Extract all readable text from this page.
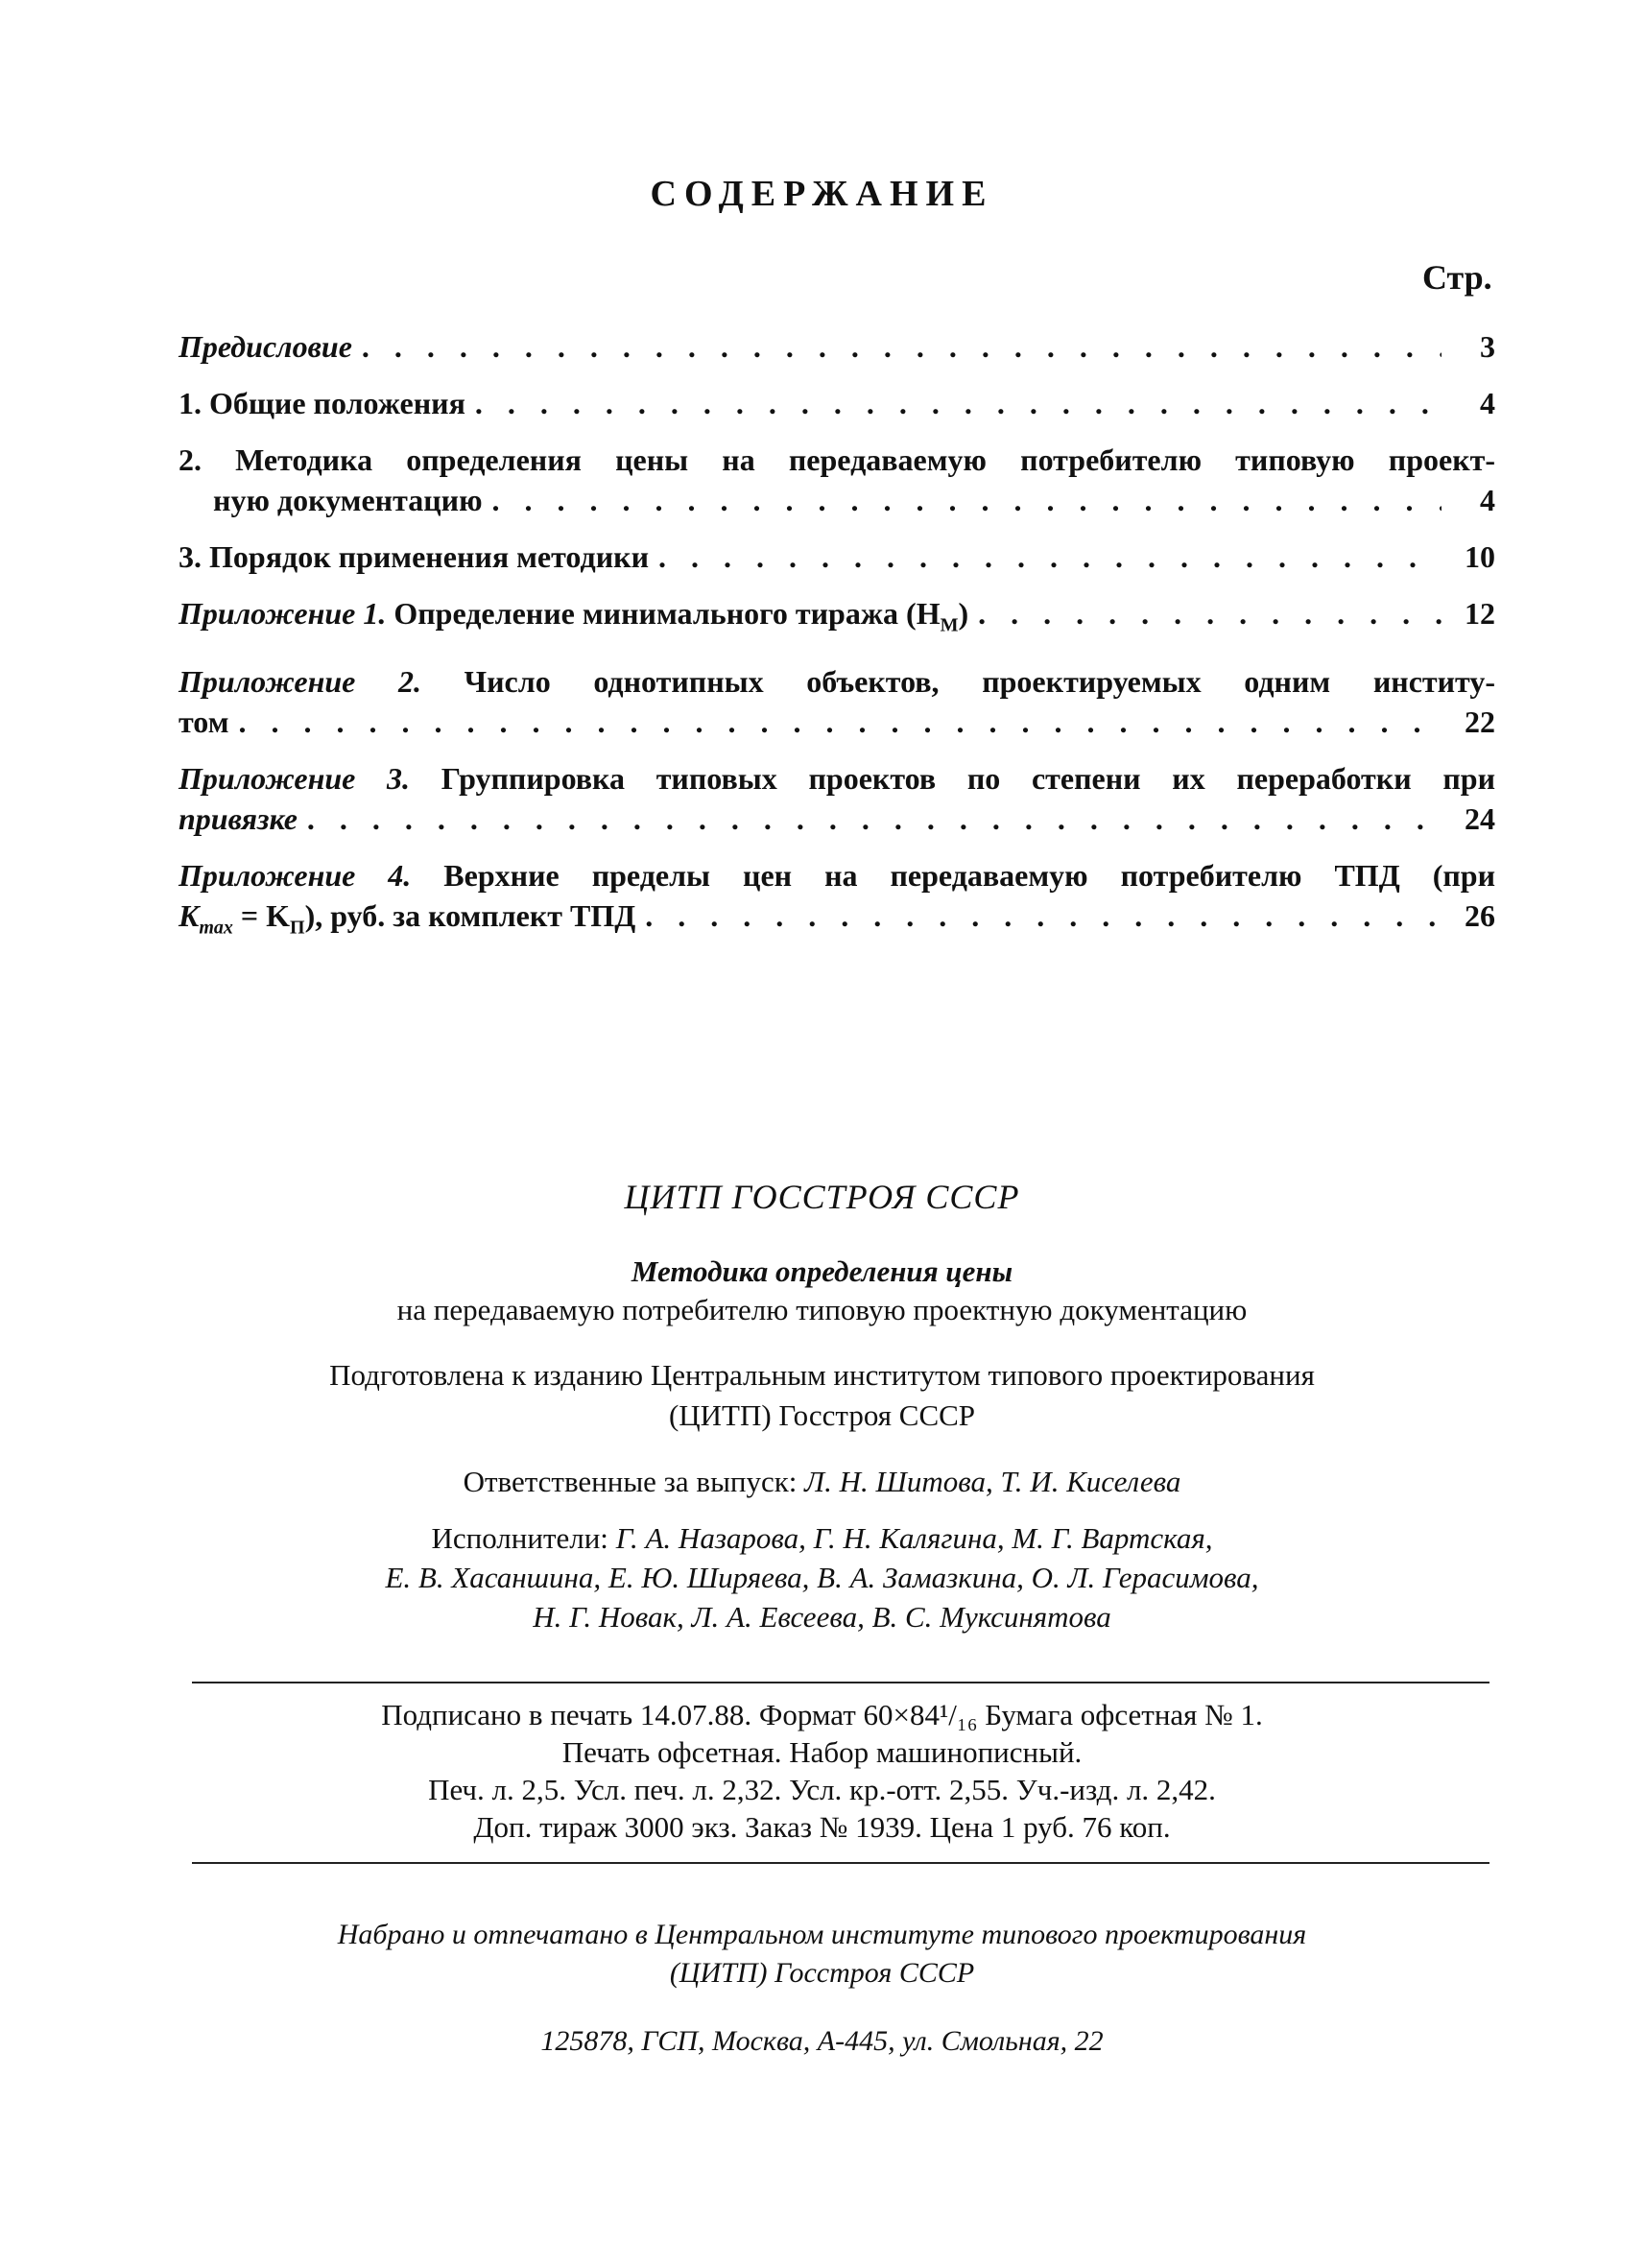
СОДЕРЖАНИЕ
Стр.
Предисловие . . .	3
1. Общие положения . . .	4
2. Методика определения цены на передаваемую потребителю типовую проект-
ную документацию . . .	4
3. Порядок применения методики . . .	10
Приложение 1. Определение минимального тиража $(Н_М)$ . . .	12
Приложение 2. Число однотипных объектов, проектируемых одним институ-
том . . .	22
Приложение 3. Группировка типовых проектов по степени их переработки при
привязке . . .	24
Приложение 4. Верхние пределы цен на передаваемую потребителю ТПД (при
$K_{max} = K_П$), руб. за комплект ТПД . . .	26
ЦИТП ГОССТРОЯ СССР
Методика определения цены
на передаваемую потребителю типовую проектную документацию
Подготовлена к изданию Центральным институтом типового проектирования
(ЦИТП) Госстроя СССР
Ответственные за выпуск: Л. Н. Шитова, Т. И. Киселева
Исполнители: Г. А. Назарова, Г. Н. Калягина, М. Г. Вартская,
Е. В. Хасаншина, Е. Ю. Ширяева, В. А. Замазкина, О. Л. Герасимова,
Н. Г. Новак, Л. А. Евсеева, В. С. Муксинятова
Подписано в печать 14.07.88. Формат 60×84¹/₁₆ Бумага офсетная № 1.
Печать офсетная. Набор машинописный.
Печ. л. 2,5. Усл. печ. л. 2,32. Усл. кр.-отт. 2,55. Уч.-изд. л. 2,42.
Доп. тираж 3000 экз. Заказ № 1939. Цена 1 руб. 76 коп.
Набрано и отпечатано в Центральном институте типового проектирования
(ЦИТП) Госстроя СССР
125878, ГСП, Москва, А-445, ул. Смольная, 22
